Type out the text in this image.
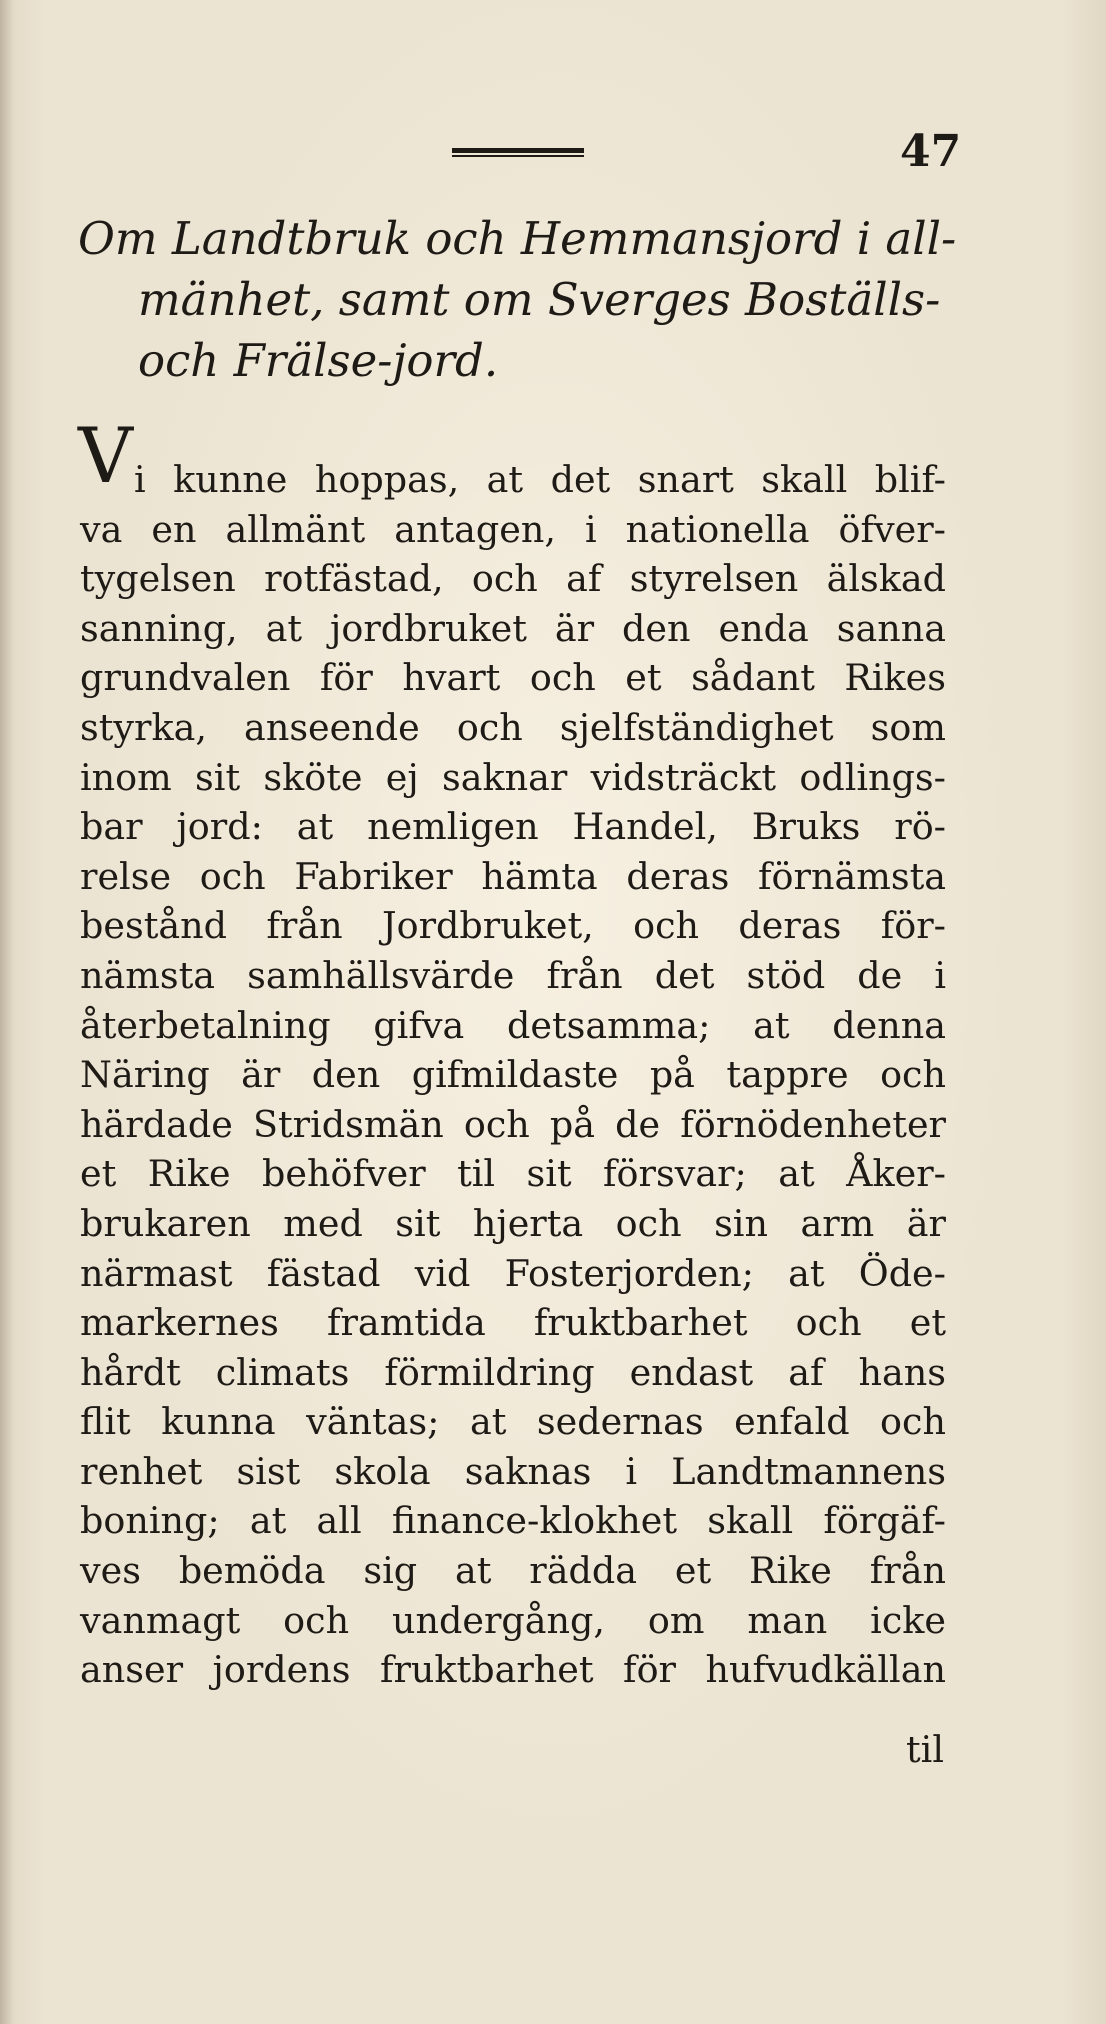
47
Om Landtbruk och Hemmansjord i all-
mänhet, samt om Sverges Boställs-
och Frälse-jord.
V i kunne hoppas, at det snart skall blif-
va en allmänt antagen, i nationella öfver-
tygelsen rotfästad, och af styrelsen älskad
sanning, at jordbruket är den enda sanna
grundvalen för hvart och et sådant Rikes
styrka, anseende och sjelfständighet som
inom sit sköte ej saknar vidsträckt odlings-
bar jord: at nemligen Handel, Bruks rö-
relse och Fabriker hämta deras förnämsta
bestånd från Jordbruket, och deras för-
nämsta samhällsvärde från det stöd de i
återbetalning gifva detsamma; at denna
Näring är den gifmildaste på tappre och
härdade Stridsmän och på de förnödenheter
et Rike behöfver til sit försvar; at Åker-
brukaren med sit hjerta och sin arm är
närmast fästad vid Fosterjorden; at Öde-
markernes framtida fruktbarhet och et
hårdt climats förmildring endast af hans
flit kunna väntas; at sedernas enfald och
renhet sist skola saknas i Landtmannens
boning; at all finance-klokhet skall förgäf-
ves bemöda sig at rädda et Rike från
vanmagt och undergång, om man icke
anser jordens fruktbarhet för hufvudkällan
til
